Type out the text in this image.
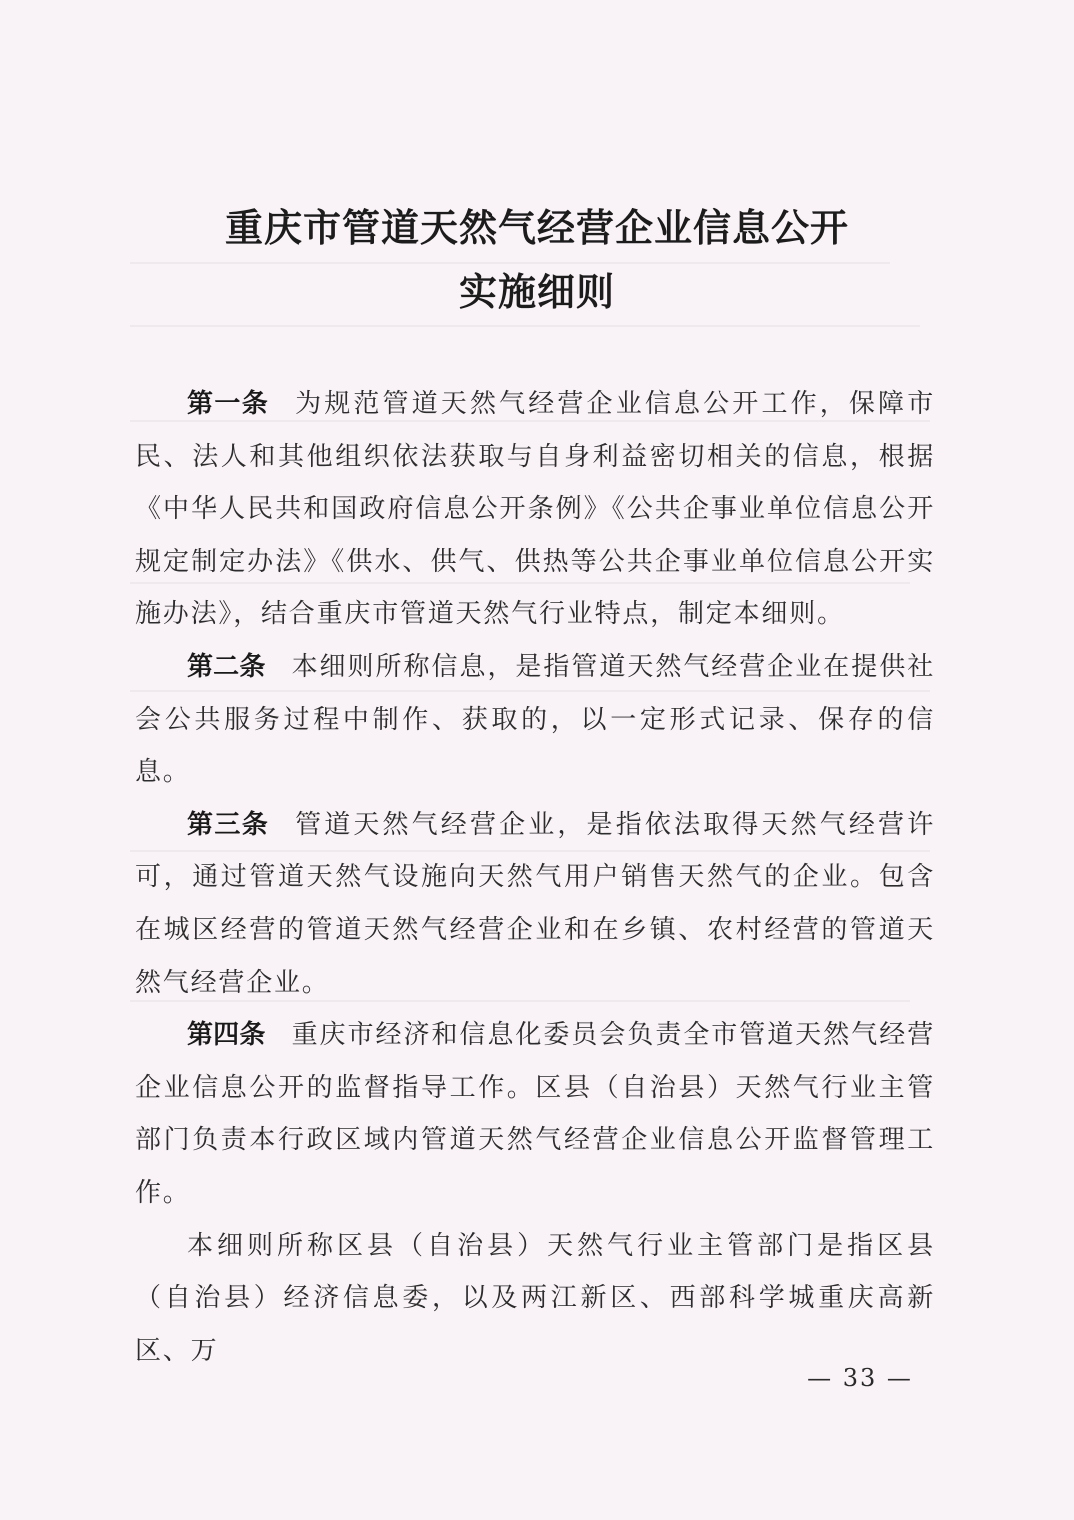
重庆市管道天然气经营企业信息公开
实施细则

第一条 为规范管道天然气经营企业信息公开工作，保障市民、法人和其他组织依法获取与自身利益密切相关的信息，根据《中华人民共和国政府信息公开条例》《公共企事业单位信息公开规定制定办法》《供水、供气、供热等公共企事业单位信息公开实施办法》，结合重庆市管道天然气行业特点，制定本细则。

第二条 本细则所称信息，是指管道天然气经营企业在提供社会公共服务过程中制作、获取的，以一定形式记录、保存的信息。

第三条 管道天然气经营企业，是指依法取得天然气经营许可，通过管道天然气设施向天然气用户销售天然气的企业。包含在城区经营的管道天然气经营企业和在乡镇、农村经营的管道天然气经营企业。

第四条 重庆市经济和信息化委员会负责全市管道天然气经营企业信息公开的监督指导工作。区县（自治县）天然气行业主管部门负责本行政区域内管道天然气经营企业信息公开监督管理工作。

本细则所称区县（自治县）天然气行业主管部门是指区县（自治县）经济信息委，以及两江新区、西部科学城重庆高新区、万

— 33 —
